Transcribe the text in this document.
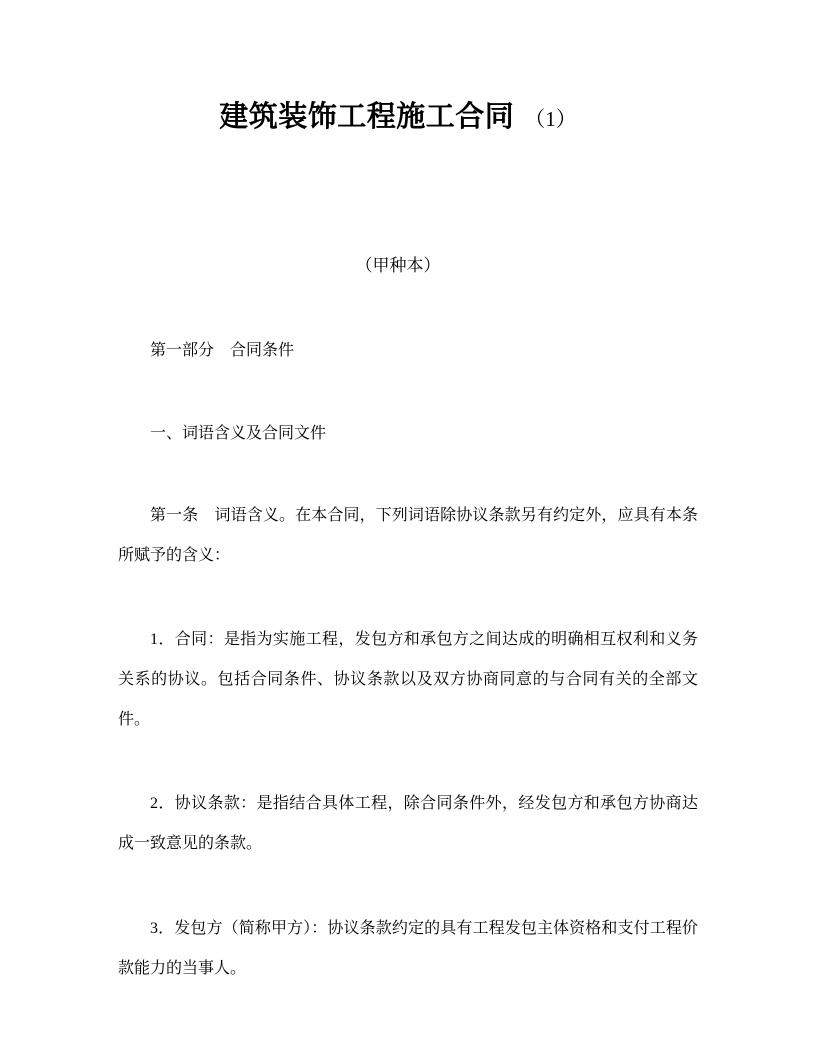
建筑装饰工程施工合同 （1）

（甲种本）

第一部分　合同条件

一、词语含义及合同文件

第一条　词语含义。在本合同，下列词语除协议条款另有约定外，应具有本条所赋予的含义：

1．合同：是指为实施工程，发包方和承包方之间达成的明确相互权利和义务关系的协议。包括合同条件、协议条款以及双方协商同意的与合同有关的全部文件。

2．协议条款：是指结合具体工程，除合同条件外，经发包方和承包方协商达成一致意见的条款。

3．发包方（简称甲方）：协议条款约定的具有工程发包主体资格和支付工程价款能力的当事人。
